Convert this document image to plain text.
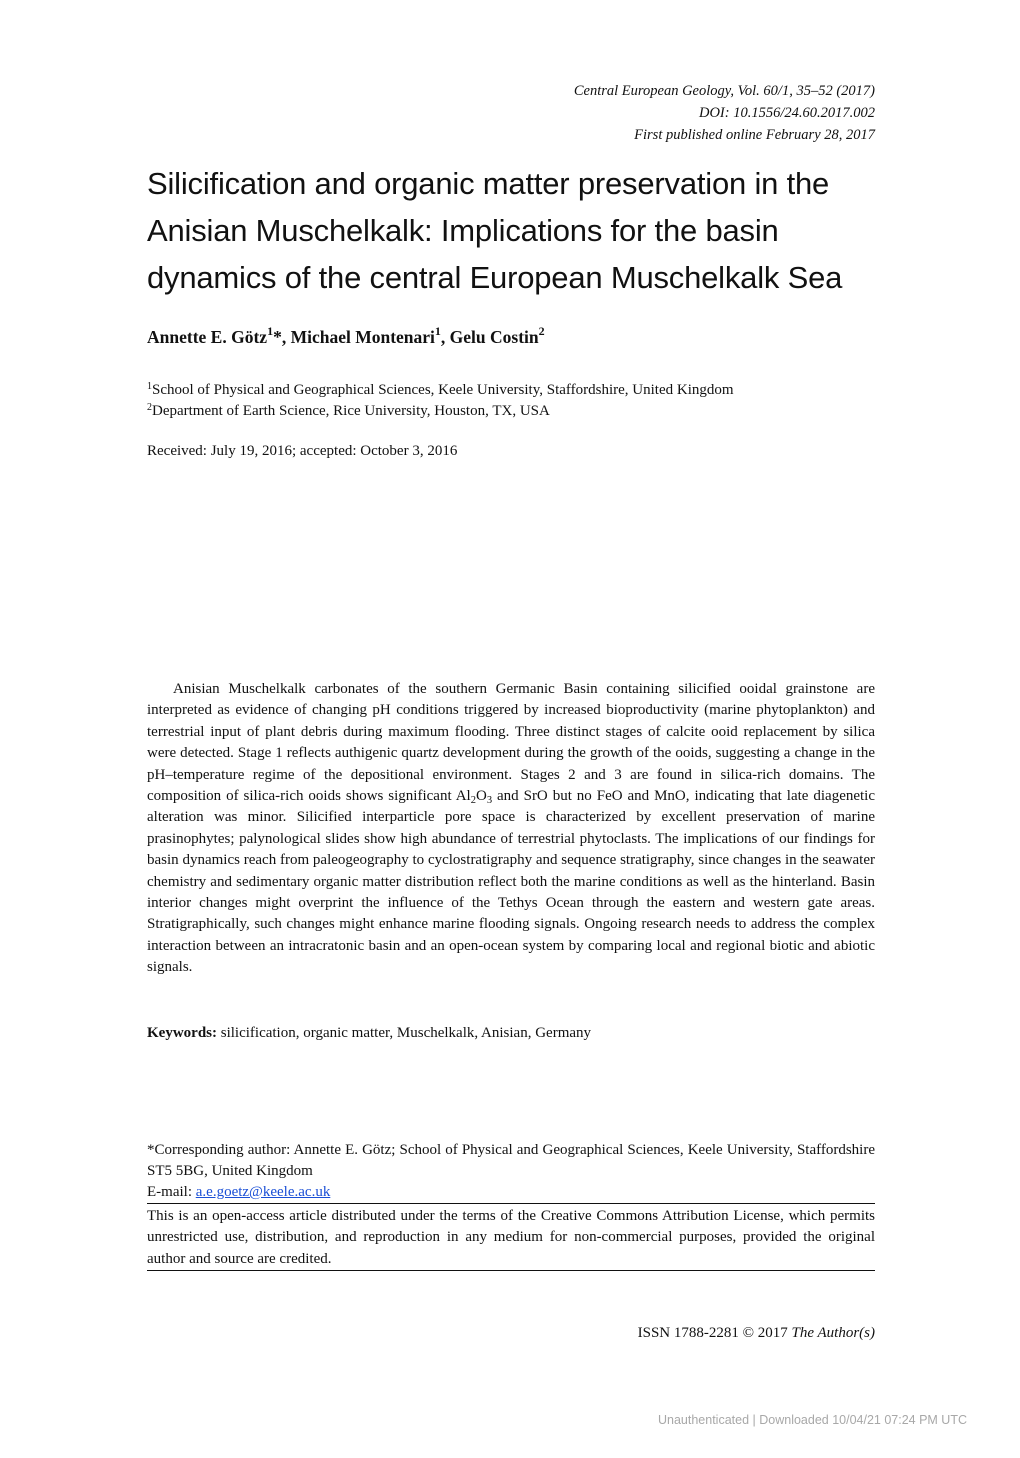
Central European Geology, Vol. 60/1, 35–52 (2017)
DOI: 10.1556/24.60.2017.002
First published online February 28, 2017
Silicification and organic matter preservation in the
Anisian Muschelkalk: Implications for the basin
dynamics of the central European Muschelkalk Sea
Annette E. Götz$^1$*, Michael Montenari$^1$, Gelu Costin$^2$
$^1$School of Physical and Geographical Sciences, Keele University, Staffordshire, United Kingdom
$^2$Department of Earth Science, Rice University, Houston, TX, USA
Received: July 19, 2016; accepted: October 3, 2016

Anisian Muschelkalk carbonates of the southern Germanic Basin containing silicified ooidal grainstone are interpreted as evidence of changing pH conditions triggered by increased bioproductivity (marine phytoplankton) and terrestrial input of plant debris during maximum flooding. Three distinct stages of calcite ooid replacement by silica were detected. Stage 1 reflects authigenic quartz development during the growth of the ooids, suggesting a change in the pH–temperature regime of the depositional environment. Stages 2 and 3 are found in silica-rich domains. The composition of silica-rich ooids shows significant $Al_2O_3$ and SrO but no FeO and MnO, indicating that late diagenetic alteration was minor. Silicified interparticle pore space is characterized by excellent preservation of marine prasinophytes; palynological slides show high abundance of terrestrial phytoclasts. The implications of our findings for basin dynamics reach from paleogeography to cyclostratigraphy and sequence stratigraphy, since changes in the seawater chemistry and sedimentary organic matter distribution reflect both the marine conditions as well as the hinterland. Basin interior changes might overprint the influence of the Tethys Ocean through the eastern and western gate areas. Stratigraphically, such changes might enhance marine flooding signals. Ongoing research needs to address the complex interaction between an intracratonic basin and an open-ocean system by comparing local and regional biotic and abiotic signals.

Keywords: silicification, organic matter, Muschelkalk, Anisian, Germany

*Corresponding author: Annette E. Götz; School of Physical and Geographical Sciences, Keele University, Staffordshire ST5 5BG, United Kingdom

E-mail: a.e.goetz@keele.ac.uk

This is an open-access article distributed under the terms of the Creative Commons Attribution License, which permits unrestricted use, distribution, and reproduction in any medium for non-commercial purposes, provided the original author and source are credited.

ISSN 1788-2281 © 2017 The Author(s)
Unauthenticated | Downloaded 10/04/21 07:24 PM UTC
